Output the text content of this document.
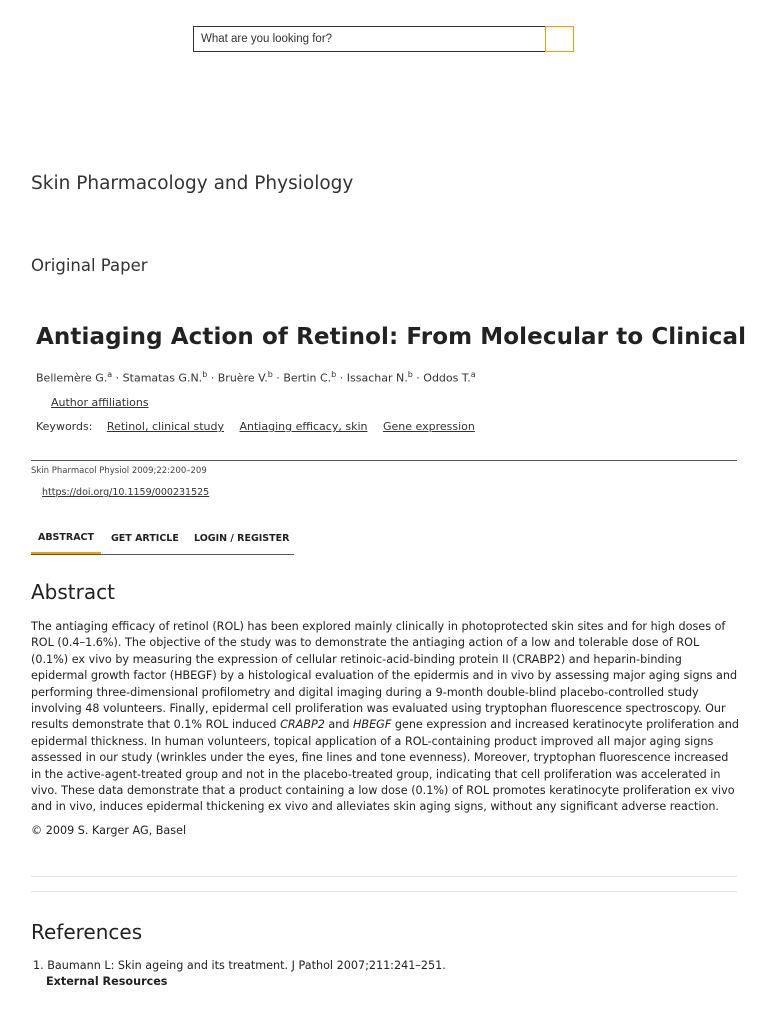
What are you looking for?
Skin Pharmacology and Physiology
Original Paper
Antiaging Action of Retinol: From Molecular to Clinical
Bellemère G.$^a$ · Stamatas G.N.$^b$ · Bruère V.$^b$ · Bertin C.$^b$ · Issachar N.$^b$ · Oddos T.$^a$
Author affiliations
Keywords: Retinol, clinical study Antiaging efficacy, skin Gene expression
Skin Pharmacol Physiol 2009;22:200–209
https://doi.org/10.1159/000231525
ABSTRACT	GET ARTICLE LOGIN / REGISTER
Abstract

The antiaging efficacy of retinol (ROL) has been explored mainly clinically in photoprotected skin sites and for high doses of ROL (0.4–1.6%). The objective of the study was to demonstrate the antiaging action of a low and tolerable dose of ROL (0.1%) ex vivo by measuring the expression of cellular retinoic-acid-binding protein II (CRABP2) and heparin-binding epidermal growth factor (HBEGF) by a histological evaluation of the epidermis and in vivo by assessing major aging signs and performing three-dimensional profilometry and digital imaging during a 9-month double-blind placebo-controlled study involving 48 volunteers. Finally, epidermal cell proliferation was evaluated using tryptophan fluorescence spectroscopy. Our results demonstrate that 0.1% ROL induced CRABP2 and HBEGF gene expression and increased keratinocyte proliferation and epidermal thickness. In human volunteers, topical application of a ROL-containing product improved all major aging signs assessed in our study (wrinkles under the eyes, fine lines and tone evenness). Moreover, tryptophan fluorescence increased in the active-agent-treated group and not in the placebo-treated group, indicating that cell proliferation was accelerated in vivo. These data demonstrate that a product containing a low dose (0.1%) of ROL promotes keratinocyte proliferation ex vivo and in vivo, induces epidermal thickening ex vivo and alleviates skin aging signs, without any significant adverse reaction.

© 2009 S. Karger AG, Basel
References
1. Baumann L: Skin ageing and its treatment. J Pathol 2007;211:241–251.
External Resources
